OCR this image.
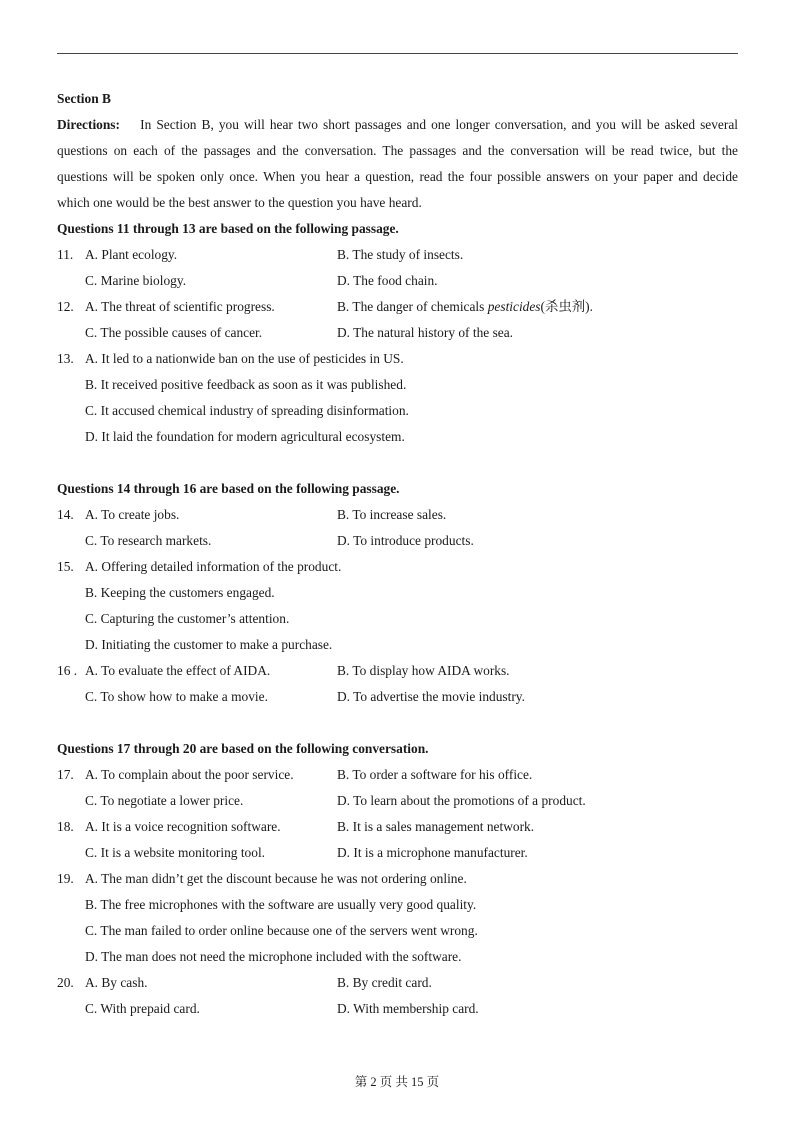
Section B
Directions: In Section B, you will hear two short passages and one longer conversation, and you will be asked several
questions on each of the passages and the conversation. The passages and the conversation will be read twice, but the
questions will be spoken only once. When you hear a question, read the four possible answers on your paper and decide
which one would be the best answer to the question you have heard.
Questions 11 through 13 are based on the following passage.
11. A. Plant ecology.	B. The study of insects.
C. Marine biology.	D. The food chain.
12. A. The threat of scientific progress.	B. The danger of chemicals pesticides(杀虫剂).
C. The possible causes of cancer.	D. The natural history of the sea.
13. A. It led to a nationwide ban on the use of pesticides in US.
B. It received positive feedback as soon as it was published.
C. It accused chemical industry of spreading disinformation.
D. It laid the foundation for modern agricultural ecosystem.
Questions 14 through 16 are based on the following passage.
14. A. To create jobs.	B. To increase sales.
C. To research markets.	D. To introduce products.
15. A. Offering detailed information of the product.
B. Keeping the customers engaged.
C. Capturing the customer’s attention.
D. Initiating the customer to make a purchase.
16 . A. To evaluate the effect of AIDA.	B. To display how AIDA works.
C. To show how to make a movie.	D. To advertise the movie industry.
Questions 17 through 20 are based on the following conversation.
17. A. To complain about the poor service.	B. To order a software for his office.
C. To negotiate a lower price.	D. To learn about the promotions of a product.
18. A. It is a voice recognition software.	B. It is a sales management network.
C. It is a website monitoring tool.	D. It is a microphone manufacturer.
19. A. The man didn’t get the discount because he was not ordering online.
B. The free microphones with the software are usually very good quality.
C. The man failed to order online because one of the servers went wrong.
D. The man does not need the microphone included with the software.
20. A. By cash.	B. By credit card.
C. With prepaid card.	D. With membership card.
第 2 页 共 15 页
